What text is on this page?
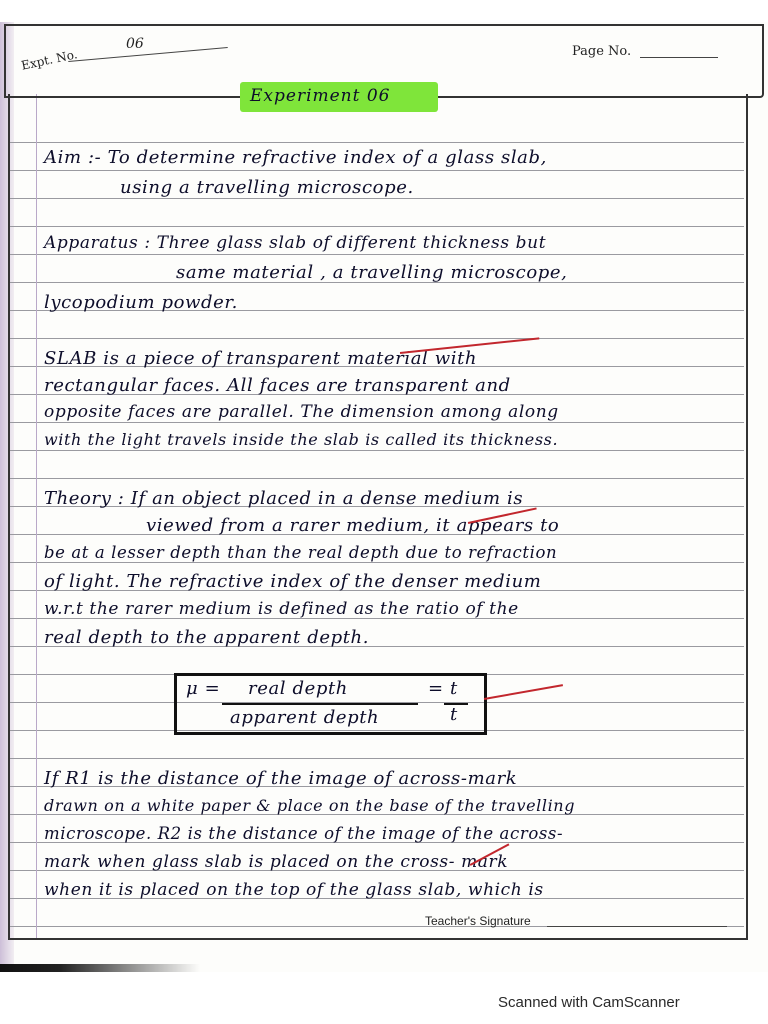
Expt. No.
06	Page No.
Experiment 06
Aim :- To determine refractive index of a glass slab,
using a travelling microscope.
Apparatus : Three glass slab of different thickness but
same material , a travelling microscope,
lycopodium powder.
SLAB is a piece of transparent material with
rectangular faces. All faces are transparent and
opposite faces are parallel. The dimension among along
with the light travels inside the slab is called its thickness.
Theory : If an object placed in a dense medium is
viewed from a rarer medium, it appears to
be at a lesser depth than the real depth due to refraction
of light. The refractive index of the denser medium
w.r.t the rarer medium is defined as the ratio of the
real depth to the apparent depth.
μ = real depth
apparent depth
= t
t
If R1 is the distance of the image of across-mark
drawn on a white paper & place on the base of the travelling
microscope. R2 is the distance of the image of the across-
mark when glass slab is placed on the cross- mark
when it is placed on the top of the glass slab, which is
Teacher's Signature
Scanned with CamScanner
